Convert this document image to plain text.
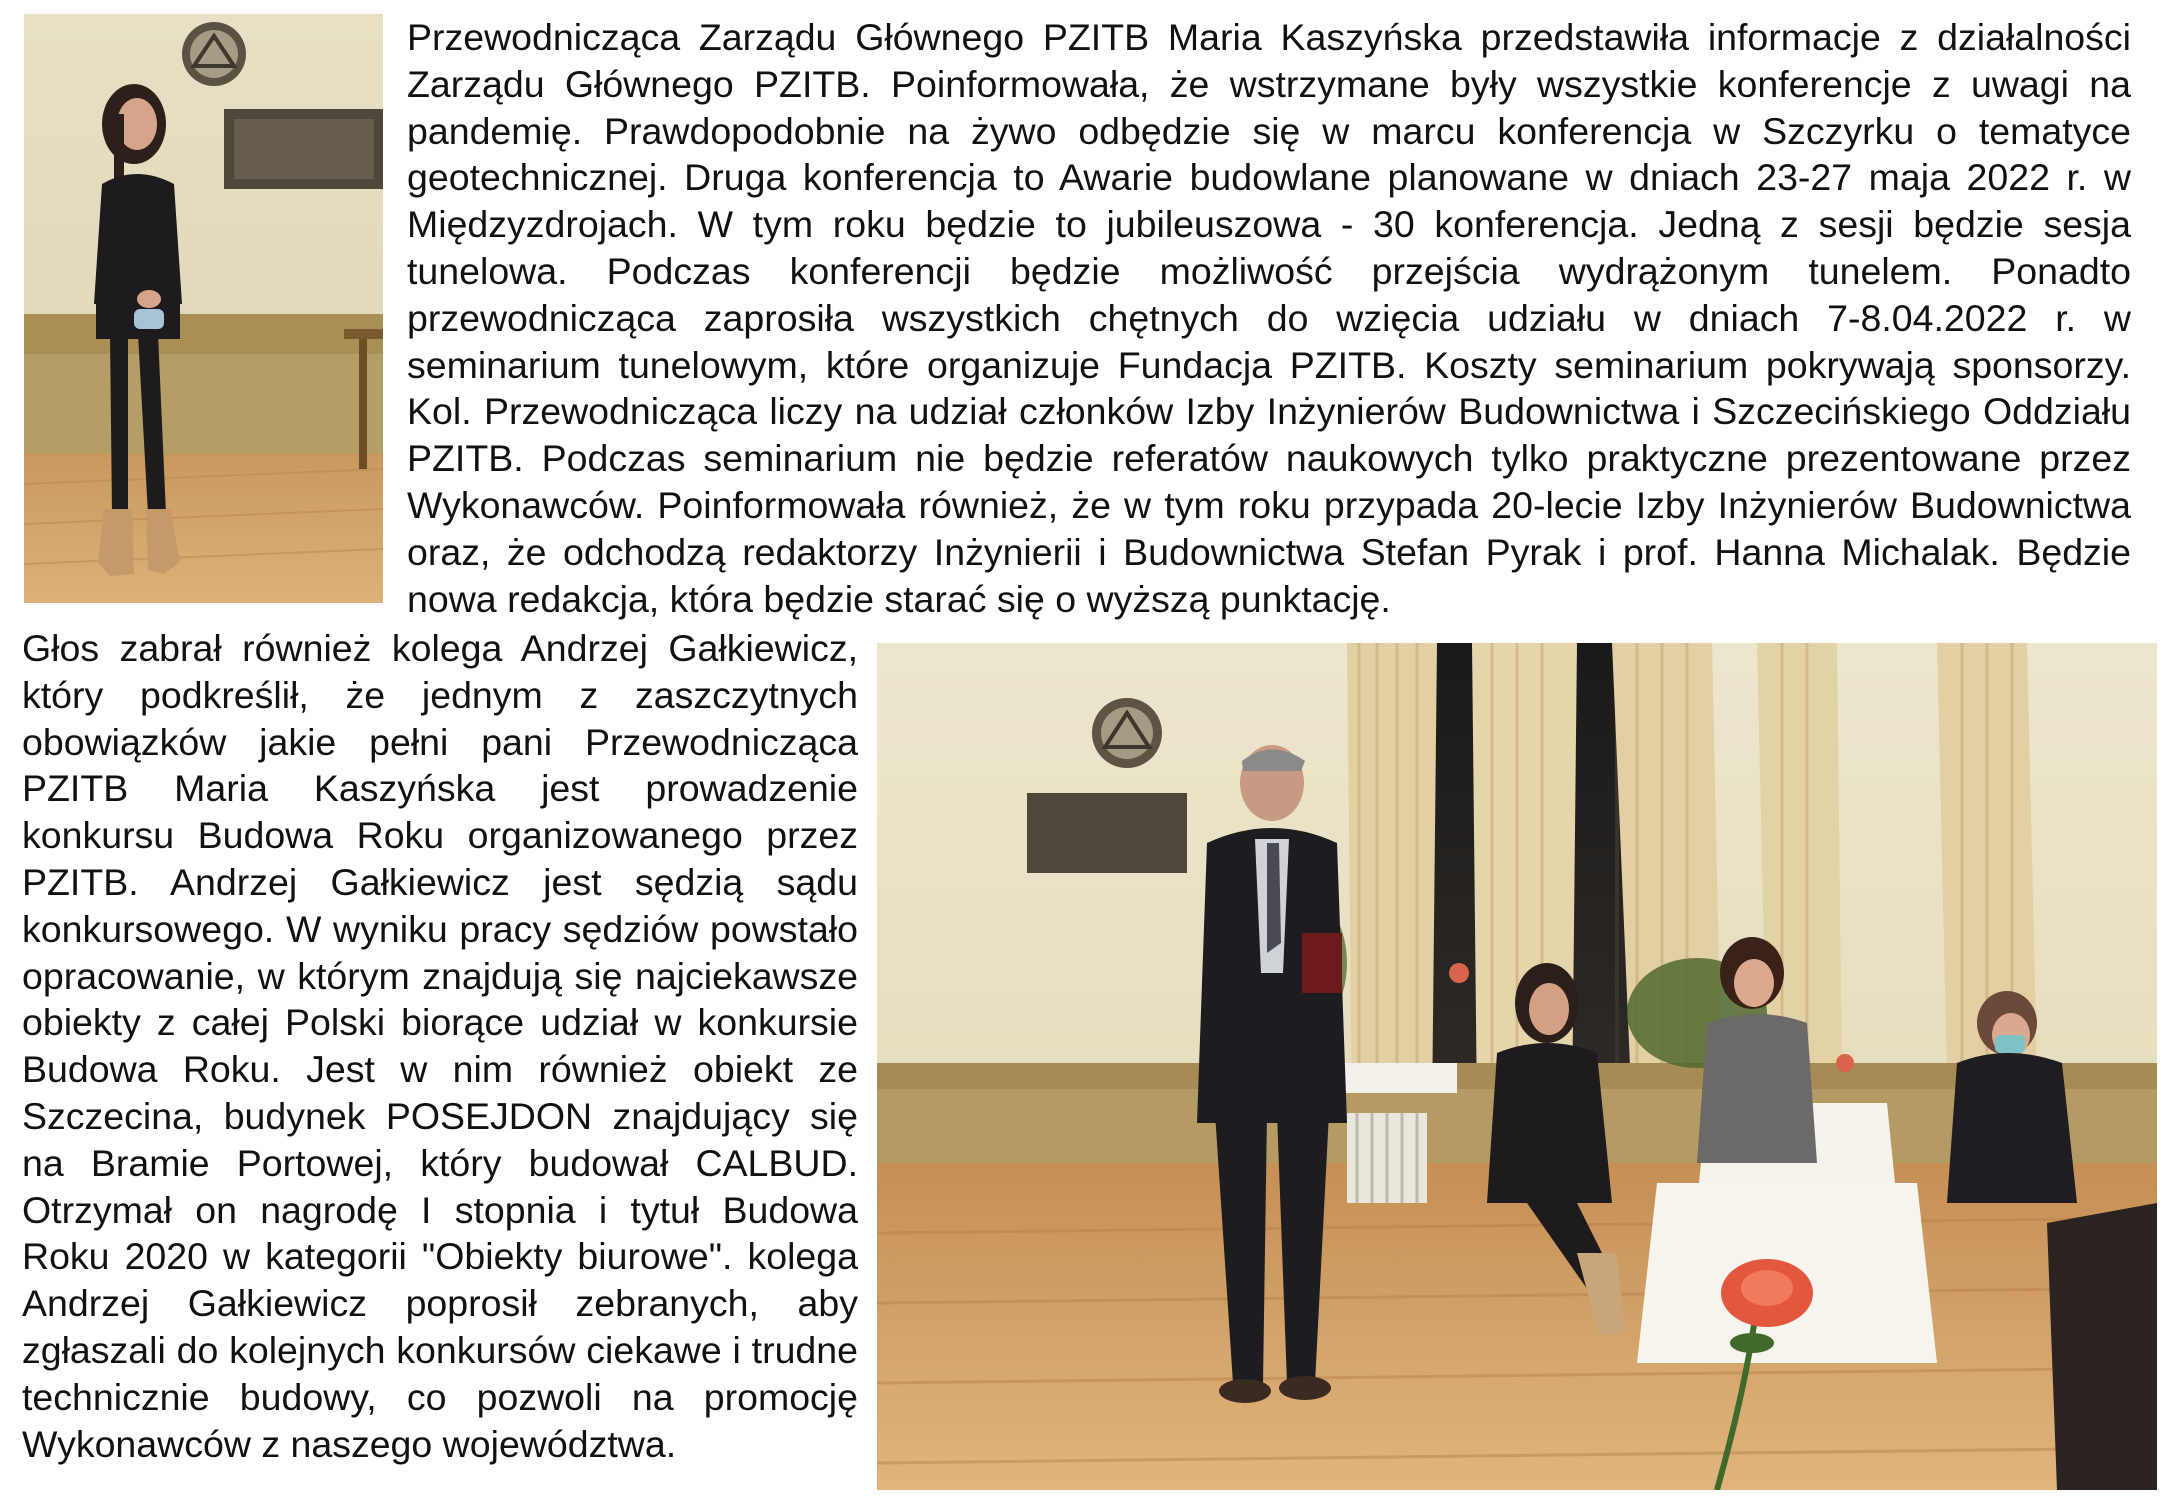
Przewodnicząca Zarządu Głównego PZITB Maria Kaszyńska przedstawiła informacje z działalności Zarządu Głównego PZITB. Poinformowała, że wstrzymane były wszystkie konferencje z uwagi na pandemię. Prawdopodobnie na żywo odbędzie się w marcu konferencja w Szczyrku o tematyce geotechnicznej. Druga konferencja to Awarie budowlane planowane w dniach 23-27 maja 2022 r. w Międzyzdrojach. W tym roku będzie to jubileuszowa - 30 konferencja. Jedną z sesji będzie sesja tunelowa. Podczas konferencji będzie możliwość przejścia wydrążonym tunelem. Ponadto przewodnicząca zaprosiła wszystkich chętnych do wzięcia udziału w dniach 7-8.04.2022 r. w seminarium tunelowym, które organizuje Fundacja PZITB. Koszty seminarium pokrywają sponsorzy. Kol. Przewodnicząca liczy na udział członków Izby Inżynierów Budownictwa i Szczecińskiego Oddziału PZITB. Podczas seminarium nie będzie referatów naukowych tylko praktyczne prezentowane przez Wykonawców. Poinformowała również, że w tym roku przypada 20-lecie Izby Inżynierów Budownictwa oraz, że odchodzą redaktorzy Inżynierii i Budownictwa Stefan Pyrak i prof. Hanna Michalak. Będzie nowa redakcja, która będzie starać się o wyższą punktację.

Głos zabrał również kolega Andrzej Gałkiewicz, który podkreślił, że jednym z zaszczytnych obowiązków jakie pełni pani Przewodnicząca PZITB Maria Kaszyńska jest prowadzenie konkursu Budowa Roku organizowanego przez PZITB. Andrzej Gałkiewicz jest sędzią sądu konkursowego. W wyniku pracy sędziów powstało opracowanie, w którym znajdują się najciekawsze obiekty z całej Polski biorące udział w konkursie Budowa Roku. Jest w nim również obiekt ze Szczecina, budynek POSEJDON znajdujący się na Bramie Portowej, który budował CALBUD. Otrzymał on nagrodę I stopnia i tytuł Budowa Roku 2020 w kategorii "Obiekty biurowe". kolega Andrzej Gałkiewicz poprosił zebranych, aby zgłaszali do kolejnych konkursów ciekawe i trudne technicznie budowy, co pozwoli na promocję Wykonawców z naszego województwa.
